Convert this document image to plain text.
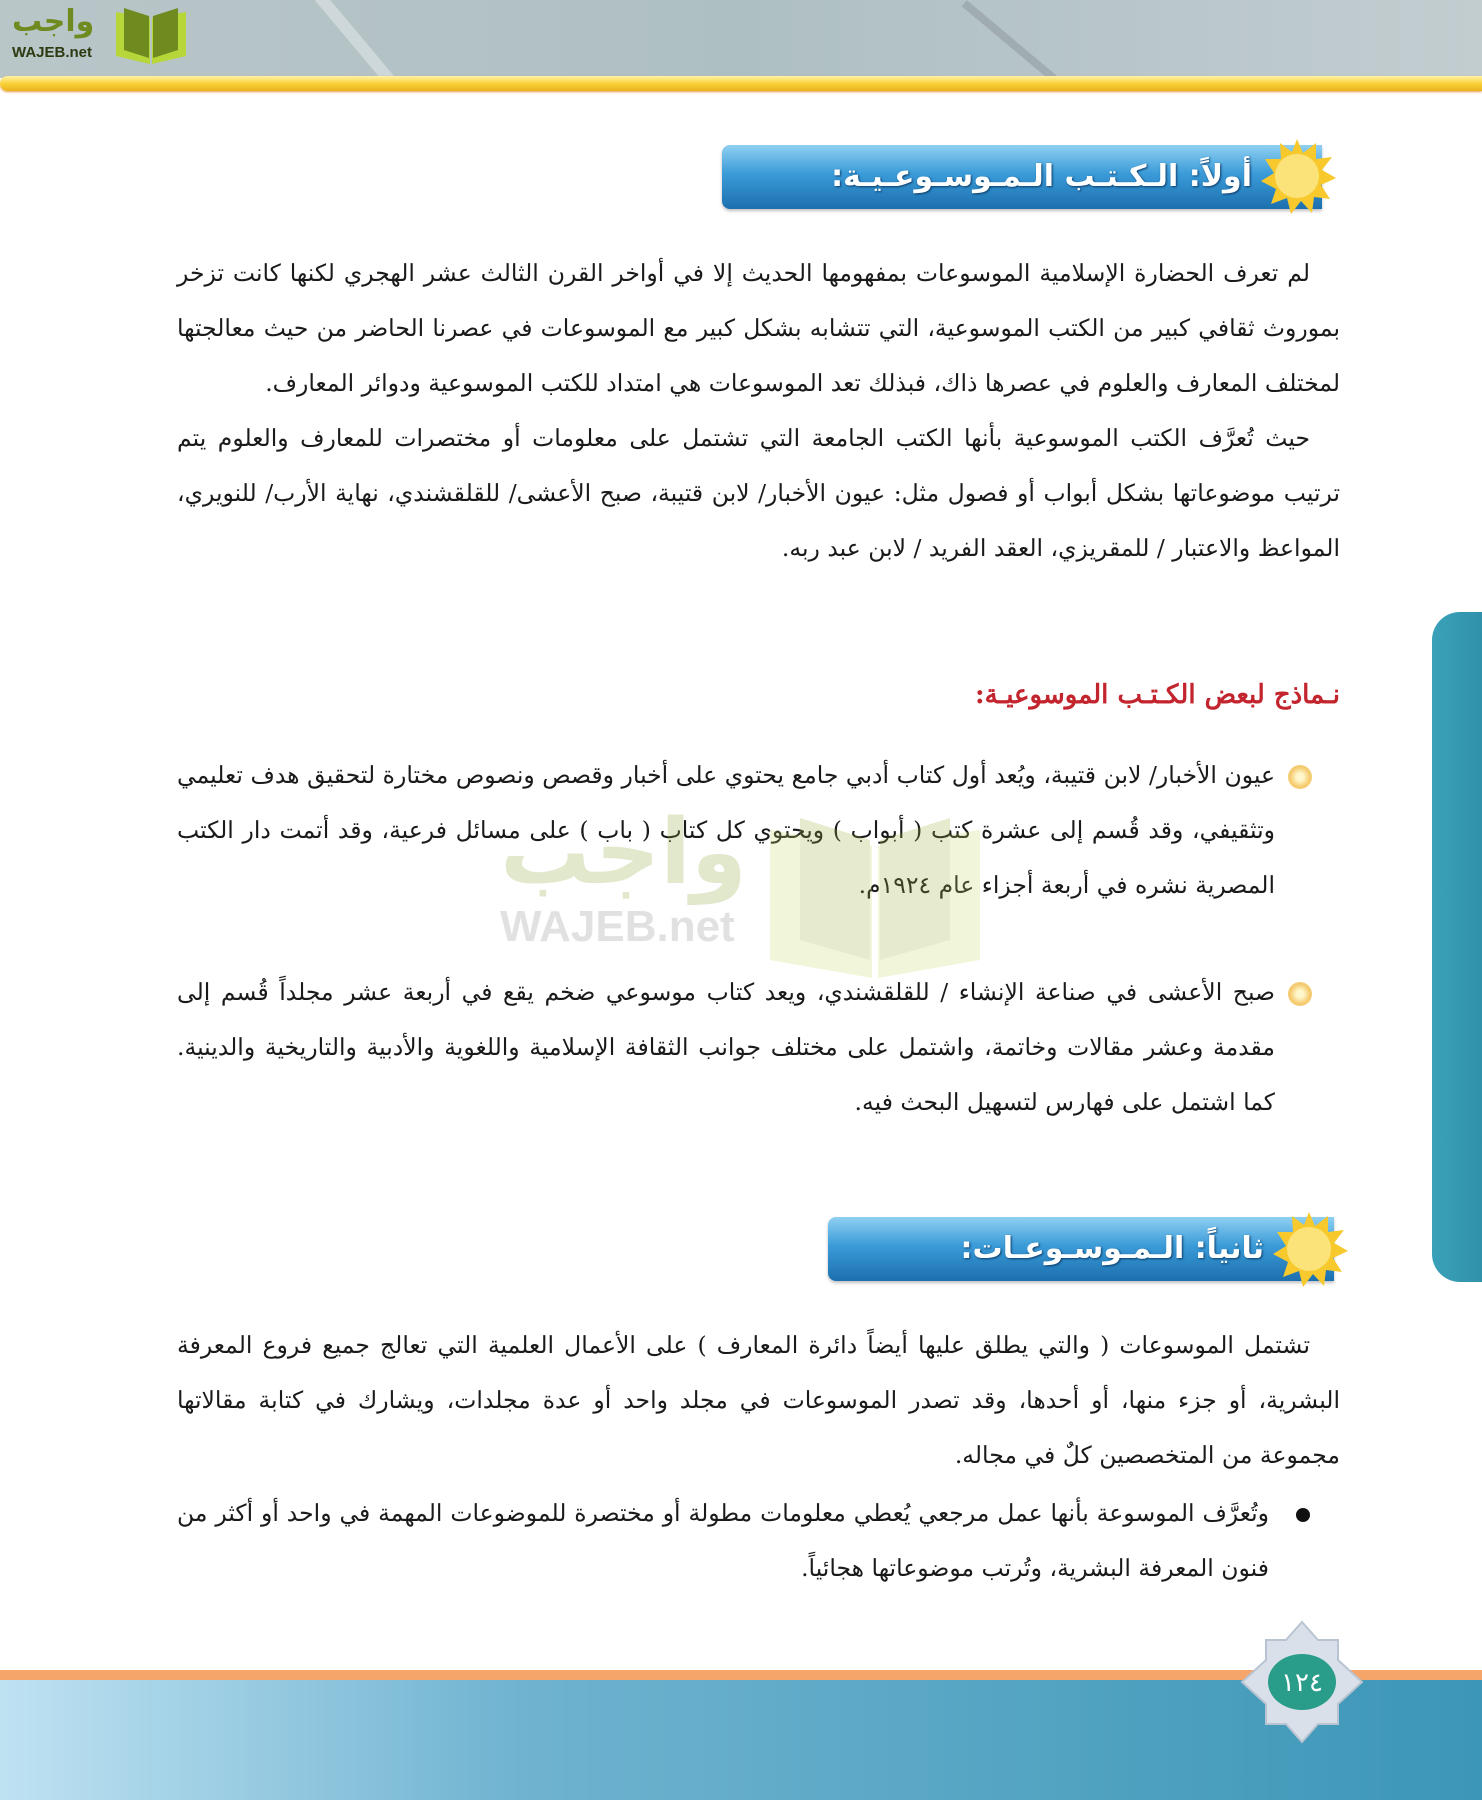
واجب
WAJEB.net
أولاً: الـكـتـب الـمـوسـوعـيـة:

لم تعرف الحضارة الإسلامية الموسوعات بمفهومها الحديث إلا في أواخر القرن الثالث عشر الهجري لكنها كانت تزخر بموروث ثقافي كبير من الكتب الموسوعية، التي تتشابه بشكل كبير مع الموسوعات في عصرنا الحاضر من حيث معالجتها لمختلف المعارف والعلوم في عصرها ذاك، فبذلك تعد الموسوعات هي امتداد للكتب الموسوعية ودوائر المعارف.

حيث تُعرَّف الكتب الموسوعية بأنها الكتب الجامعة التي تشتمل على معلومات أو مختصرات للمعارف والعلوم يتم ترتيب موضوعاتها بشكل أبواب أو فصول مثل: عيون الأخبار/ لابن قتيبة، صبح الأعشى/ للقلقشندي، نهاية الأرب/ للنويري، المواعظ والاعتبار / للمقريزي، العقد الفريد / لابن عبد ربه.

نـماذج لبعض الكـتـب الموسوعيـة:
عيون الأخبار/ لابن قتيبة، ويُعد أول كتاب أدبي جامع يحتوي على أخبار وقصص ونصوص مختارة لتحقيق هدف تعليمي وتثقيفي، وقد قُسم إلى عشرة كتب ( أبواب ) ويحتوي كل كتاب ( باب ) على مسائل فرعية، وقد أتمت دار الكتب المصرية نشره في أربعة أجزاء عام ١٩٢٤م.
صبح الأعشى في صناعة الإنشاء / للقلقشندي، ويعد كتاب موسوعي ضخم يقع في أربعة عشر مجلداً قُسم إلى مقدمة وعشر مقالات وخاتمة، واشتمل على مختلف جوانب الثقافة الإسلامية واللغوية والأدبية والتاريخية والدينية. كما اشتمل على فهارس لتسهيل البحث فيه.
واجب
WAJEB.net
ثانياً: الـمـوسـوعـات:

تشتمل الموسوعات ( والتي يطلق عليها أيضاً دائرة المعارف ) على الأعمال العلمية التي تعالج جميع فروع المعرفة البشرية، أو جزء منها، أو أحدها، وقد تصدر الموسوعات في مجلد واحد أو عدة مجلدات، ويشارك في كتابة مقالاتها مجموعة من المتخصصين كلٌ في مجاله.

وتُعرَّف الموسوعة بأنها عمل مرجعي يُعطي معلومات مطولة أو مختصرة للموضوعات المهمة في واحد أو أكثر من فنون المعرفة البشرية، وتُرتب موضوعاتها هجائياً.
١٢٤
